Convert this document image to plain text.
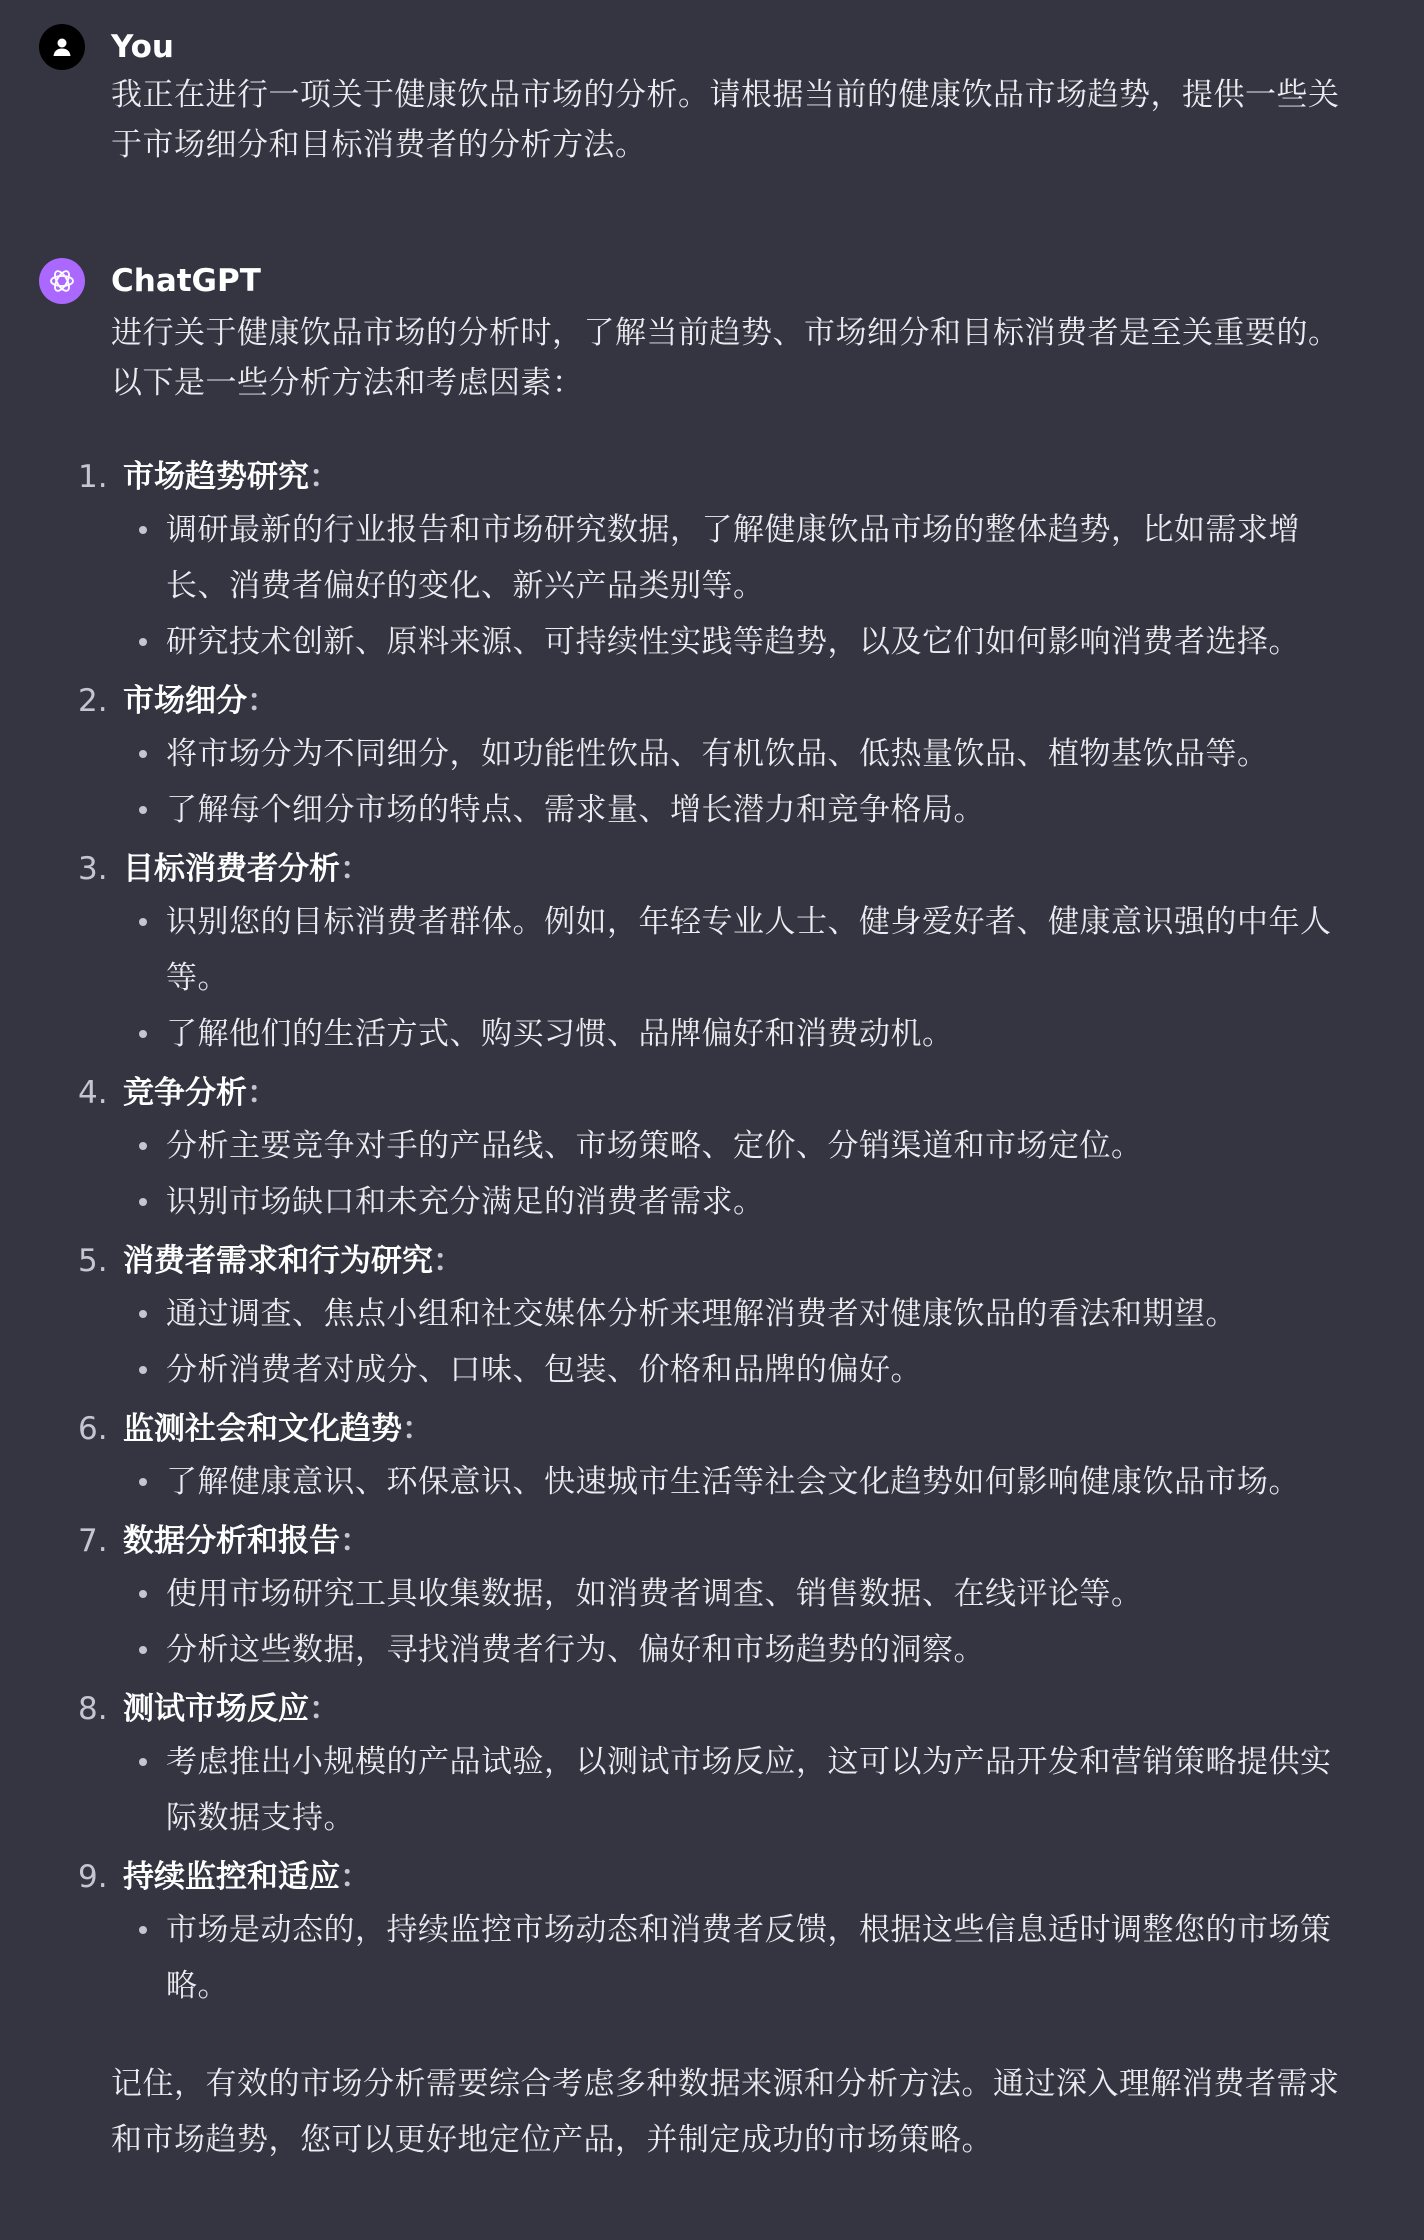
You
我正在进行一项关于健康饮品市场的分析。请根据当前的健康饮品市场趋势，提供一些关于市场细分和目标消费者的分析方法。
ChatGPT
进行关于健康饮品市场的分析时，了解当前趋势、市场细分和目标消费者是至关重要的。以下是一些分析方法和考虑因素：
1. 市场趋势研究：
调研最新的行业报告和市场研究数据，了解健康饮品市场的整体趋势，比如需求增长、消费者偏好的变化、新兴产品类别等。
研究技术创新、原料来源、可持续性实践等趋势，以及它们如何影响消费者选择。
2. 市场细分：
将市场分为不同细分，如功能性饮品、有机饮品、低热量饮品、植物基饮品等。
了解每个细分市场的特点、需求量、增长潜力和竞争格局。
3. 目标消费者分析：
识别您的目标消费者群体。例如，年轻专业人士、健身爱好者、健康意识强的中年人等。
了解他们的生活方式、购买习惯、品牌偏好和消费动机。
4. 竞争分析：
分析主要竞争对手的产品线、市场策略、定价、分销渠道和市场定位。
识别市场缺口和未充分满足的消费者需求。
5. 消费者需求和行为研究：
通过调查、焦点小组和社交媒体分析来理解消费者对健康饮品的看法和期望。
分析消费者对成分、口味、包装、价格和品牌的偏好。
6. 监测社会和文化趋势：
了解健康意识、环保意识、快速城市生活等社会文化趋势如何影响健康饮品市场。
7. 数据分析和报告：
使用市场研究工具收集数据，如消费者调查、销售数据、在线评论等。
分析这些数据，寻找消费者行为、偏好和市场趋势的洞察。
8. 测试市场反应：
考虑推出小规模的产品试验，以测试市场反应，这可以为产品开发和营销策略提供实际数据支持。
9. 持续监控和适应：
市场是动态的，持续监控市场动态和消费者反馈，根据这些信息适时调整您的市场策略。
记住，有效的市场分析需要综合考虑多种数据来源和分析方法。通过深入理解消费者需求和市场趋势，您可以更好地定位产品，并制定成功的市场策略。
